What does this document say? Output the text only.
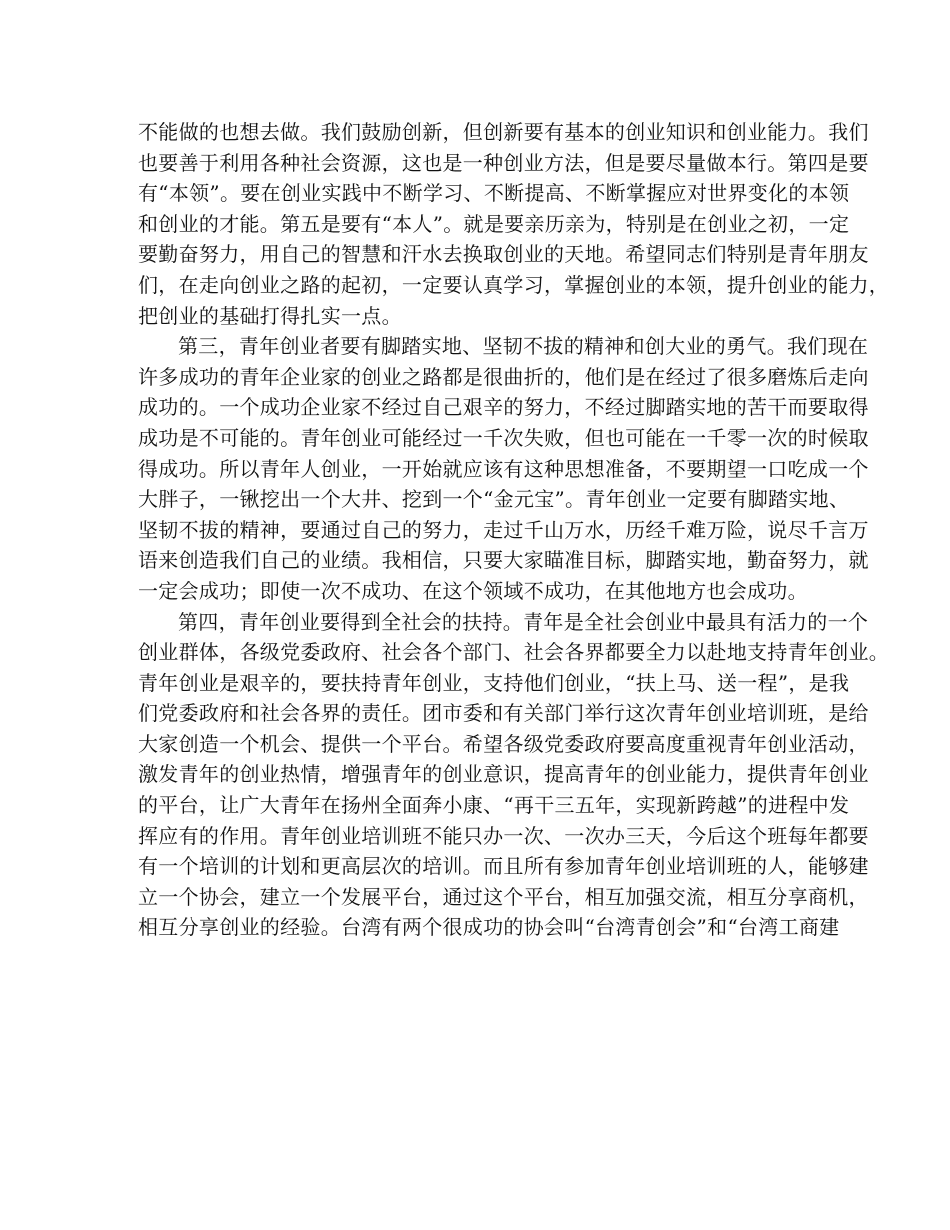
不能做的也想去做。我们鼓励创新，但创新要有基本的创业知识和创业能力。我们
也要善于利用各种社会资源，这也是一种创业方法，但是要尽量做本行。第四是要
有“本领”。要在创业实践中不断学习、不断提高、不断掌握应对世界变化的本领
和创业的才能。第五是要有“本人”。就是要亲历亲为，特别是在创业之初，一定
要勤奋努力，用自己的智慧和汗水去换取创业的天地。希望同志们特别是青年朋友
们，在走向创业之路的起初，一定要认真学习，掌握创业的本领，提升创业的能力，
把创业的基础打得扎实一点。
第三，青年创业者要有脚踏实地、坚韧不拔的精神和创大业的勇气。我们现在
许多成功的青年企业家的创业之路都是很曲折的，他们是在经过了很多磨炼后走向
成功的。一个成功企业家不经过自己艰辛的努力，不经过脚踏实地的苦干而要取得
成功是不可能的。青年创业可能经过一千次失败，但也可能在一千零一次的时候取
得成功。所以青年人创业，一开始就应该有这种思想准备，不要期望一口吃成一个
大胖子，一锹挖出一个大井、挖到一个“金元宝”。青年创业一定要有脚踏实地、
坚韧不拔的精神，要通过自己的努力，走过千山万水，历经千难万险，说尽千言万
语来创造我们自己的业绩。我相信，只要大家瞄准目标，脚踏实地，勤奋努力，就
一定会成功；即使一次不成功、在这个领域不成功，在其他地方也会成功。
第四，青年创业要得到全社会的扶持。青年是全社会创业中最具有活力的一个
创业群体，各级党委政府、社会各个部门、社会各界都要全力以赴地支持青年创业。
青年创业是艰辛的，要扶持青年创业，支持他们创业，“扶上马、送一程”，是我
们党委政府和社会各界的责任。团市委和有关部门举行这次青年创业培训班，是给
大家创造一个机会、提供一个平台。希望各级党委政府要高度重视青年创业活动，
激发青年的创业热情，增强青年的创业意识，提高青年的创业能力，提供青年创业
的平台，让广大青年在扬州全面奔小康、“再干三五年，实现新跨越”的进程中发
挥应有的作用。青年创业培训班不能只办一次、一次办三天，今后这个班每年都要
有一个培训的计划和更高层次的培训。而且所有参加青年创业培训班的人，能够建
立一个协会，建立一个发展平台，通过这个平台，相互加强交流，相互分享商机，
相互分享创业的经验。台湾有两个很成功的协会叫“台湾青创会”和“台湾工商建
